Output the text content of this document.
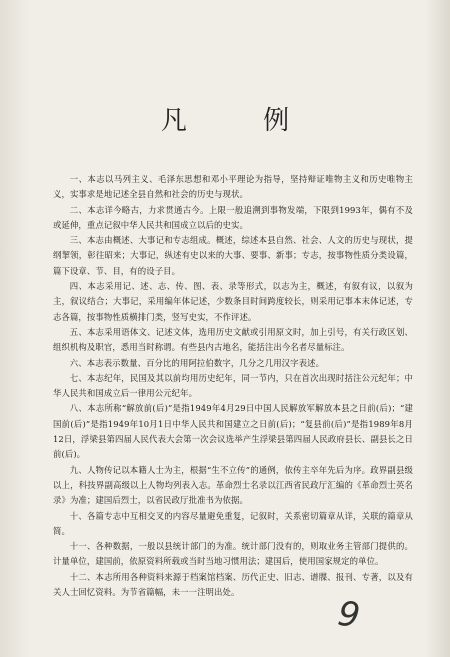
凡 例

一、本志以马列主义、毛泽东思想和邓小平理论为指导，坚持辩证唯物主义和历史唯物主义，实事求是地记述全县自然和社会的历史与现状。

二、本志详今略古，力求贯通古今。上限一般追溯到事物发端，下限到1993年，偶有不及或延伸，重点记叙中华人民共和国成立以后的史实。

三、本志由概述、大事记和专志组成。概述，综述本县自然、社会、人文的历史与现状，提纲挈领，彰往昭来；大事记，纵述有史以来的大事、要事、新事；专志，按事物性质分类设篇，篇下设章、节、目，有的设子目。

四、本志采用记、述、志、传、图、表、录等形式，以志为主，概述，有叙有议，以叙为主，叙议结合；大事记，采用编年体记述，少数条目时间跨度较长，则采用记事本末体记述，专志各篇，按事物性质横排门类，竖写史实，不作评述。

五、本志采用语体文、记述文体，选用历史文献或引用原文时，加上引号，有关行政区划、组织机构及职官，悉用当时称谓。有些县内古地名，能括注出今名者尽量标注。

六、本志表示数量、百分比的用阿拉伯数字，几分之几用汉字表述。

七、本志纪年，民国及其以前均用历史纪年，同一节内，只在首次出现时括注公元纪年；中华人民共和国成立后一律用公元纪年。

八、本志所称“解放前(后)”是指1949年4月29日中国人民解放军解放本县之日前(后)；“建国前(后)”是指1949年10月1日中华人民共和国建立之日前(后)；“复县前(后)”是指1989年8月12日，浮梁县第四届人民代表大会第一次会议选举产生浮梁县第四届人民政府县长、副县长之日前(后)。

九、人物传记以本籍人士为主，根据“生不立传”的通例，依传主卒年先后为序。政界副县级以上，科技界副高级以上人物均列表入志。革命烈士名录以江西省民政厅汇编的《革命烈士英名录》为准；建国后烈士，以省民政厅批准书为依据。

十、各篇专志中互相交叉的内容尽量避免重复，记叙时，关系密切篇章从详，关联的篇章从简。

十一、各种数据，一般以县统计部门的为准。统计部门没有的，则取业务主管部门提供的。计量单位，建国前，依原资料所载或当时当地习惯用法；建国后，使用国家规定的单位。

十二、本志所用各种资料来源于档案馆档案、历代正史、旧志、谱牒、报刊、专著，以及有关人士回忆资料。为节省篇幅，未一一注明出处。

9
